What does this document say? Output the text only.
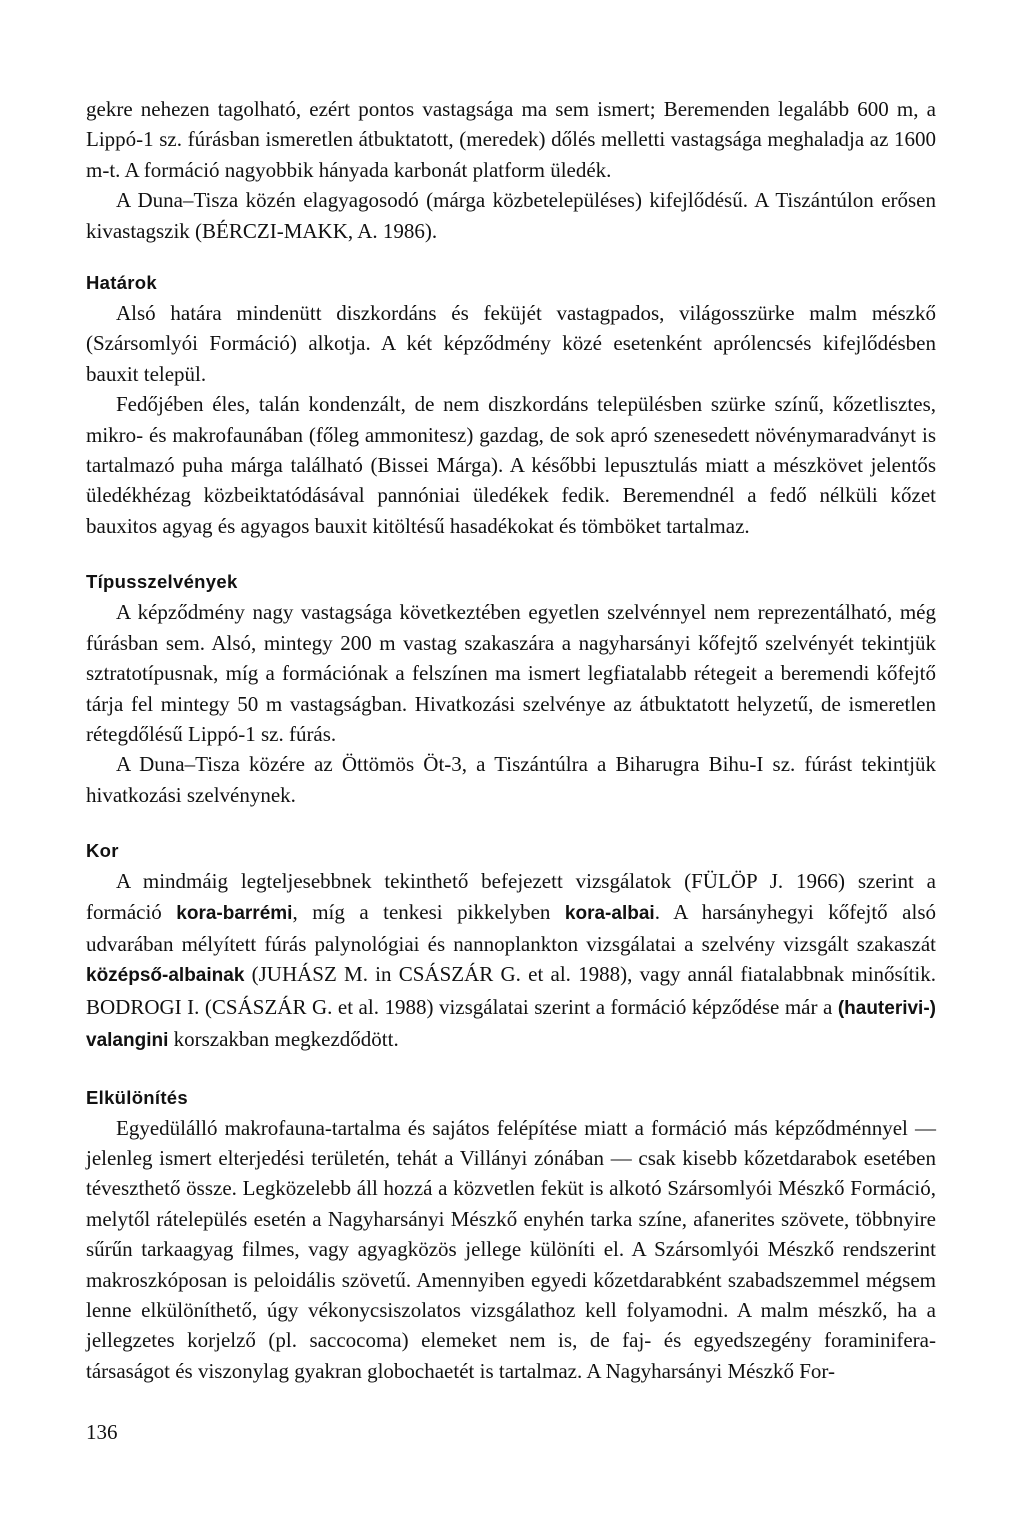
gekre nehezen tagolható, ezért pontos vastagsága ma sem ismert; Beremenden legalább 600 m, a Lippó-1 sz. fúrásban ismeretlen átbuktatott, (meredek) dőlés melletti vastagsága meghaladja az 1600 m-t. A formáció nagyobbik hányada karbonát platform üledék.

A Duna–Tisza közén elagyagosodó (márga közbetelepüléses) kifejlődésű. A Tiszántúlon erősen kivastagszik (BÉRCZI-MAKK, A. 1986).

Határok

Alsó határa mindenütt diszkordáns és feküjét vastagpados, világosszürke malm mészkő (Szársomlyói Formáció) alkotja. A két képződmény közé esetenként aprólencsés kifejlődésben bauxit települ.

Fedőjében éles, talán kondenzált, de nem diszkordáns településben szürke színű, kőzetlisztes, mikro- és makrofaunában (főleg ammonitesz) gazdag, de sok apró szenesedett növénymaradványt is tartalmazó puha márga található (Bissei Márga). A későbbi lepusztulás miatt a mészkövet jelentős üledékhézag közbeiktatódásával pannóniai üledékek fedik. Beremendnél a fedő nélküli kőzet bauxitos agyag és agyagos bauxit kitöltésű hasadékokat és tömböket tartalmaz.

Típusszelvények

A képződmény nagy vastagsága következtében egyetlen szelvénnyel nem reprezentálható, még fúrásban sem. Alsó, mintegy 200 m vastag szakaszára a nagyharsányi kőfejtő szelvényét tekintjük sztratotípusnak, míg a formációnak a felszínen ma ismert legfiatalabb rétegeit a beremendi kőfejtő tárja fel mintegy 50 m vastagságban. Hivatkozási szelvénye az átbuktatott helyzetű, de ismeretlen rétegdőlésű Lippó-1 sz. fúrás.

A Duna–Tisza közére az Öttömös Öt-3, a Tiszántúlra a Biharugra Bihu-I sz. fúrást tekintjük hivatkozási szelvénynek.

Kor

A mindmáig legteljesebbnek tekinthető befejezett vizsgálatok (FÜLÖP J. 1966) szerint a formáció kora-barrémi, míg a tenkesi pikkelyben kora-albai. A harsányhegyi kőfejtő alsó udvarában mélyített fúrás palynológiai és nannoplankton vizsgálatai a szelvény vizsgált szakaszát középső-albainak (JUHÁSZ M. in CSÁSZÁR G. et al. 1988), vagy annál fiatalabbnak minősítik. BODROGI I. (CSÁSZÁR G. et al. 1988) vizsgálatai szerint a formáció képződése már a (hauterivi-) valangini korszakban megkezdődött.

Elkülönítés

Egyedülálló makrofauna-tartalma és sajátos felépítése miatt a formáció más képződménnyel — jelenleg ismert elterjedési területén, tehát a Villányi zónában — csak kisebb kőzetdarabok esetében téveszthető össze. Legközelebb áll hozzá a közvetlen feküt is alkotó Szársomlyói Mészkő Formáció, melytől rátelepülés esetén a Nagyharsányi Mészkő enyhén tarka színe, afanerites szövete, többnyire sűrűn tarkaagyag filmes, vagy agyagközös jellege különíti el. A Szársomlyói Mészkő rendszerint makroszkóposan is peloidális szövetű. Amennyiben egyedi kőzetdarabként szabadszemmel mégsem lenne elkülöníthető, úgy vékonycsiszolatos vizsgálathoz kell folyamodni. A malm mészkő, ha a jellegzetes korjelző (pl. saccocoma) elemeket nem is, de faj- és egyedszegény foraminifera-társaságot és viszonylag gyakran globochaetét is tartalmaz. A Nagyharsányi Mészkő For-

136
